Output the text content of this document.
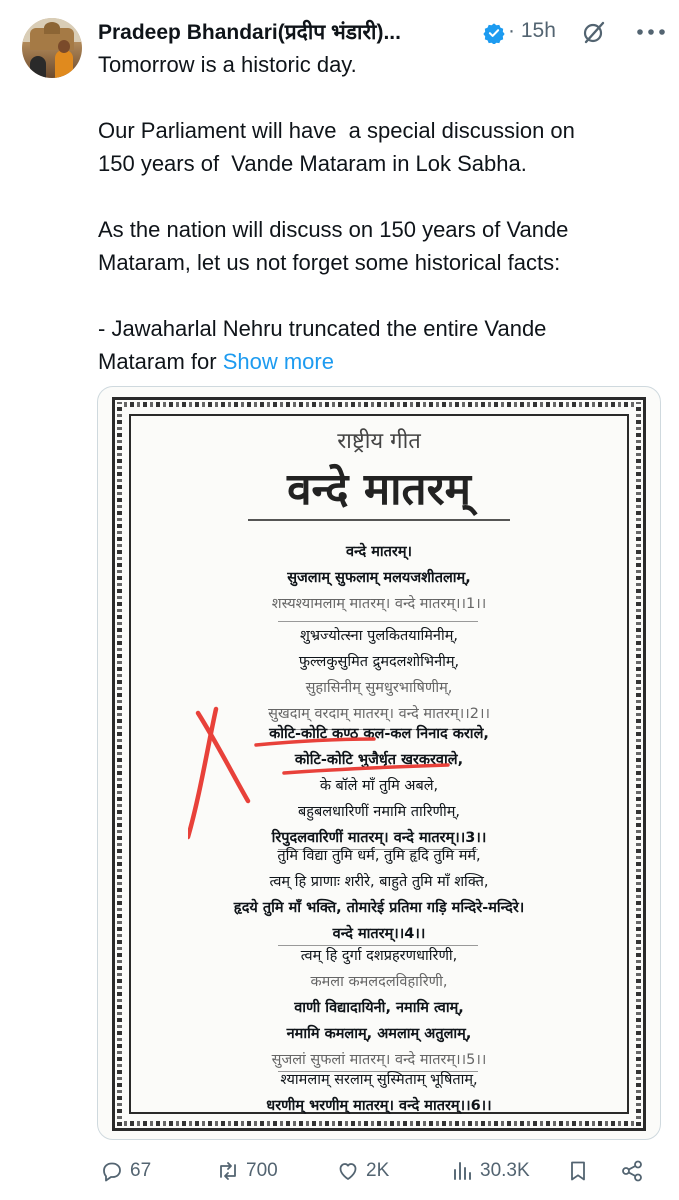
Pradeep Bhandari(प्रदीप भंडारी)...	· 15h

Tomorrow is a historic day.

Our Parliament will have  a special discussion on

150 years of  Vande Mataram in Lok Sabha.

As the nation will discuss on 150 years of Vande

Mataram, let us not forget some historical facts:

- Jawaharlal Nehru truncated the entire Vande

Mataram for Show more

राष्ट्रीय गीत
वन्दे मातरम्
वन्दे मातरम्।
सुजलाम् सुफलाम् मलयजशीतलाम्,
शस्यश्यामलाम् मातरम्। वन्दे मातरम्।।1।।
शुभ्रज्योत्स्ना पुलकितयामिनीम्,
फुल्लकुसुमित द्रुमदलशोभिनीम्,
सुहासिनीम् सुमधुरभाषिणीम्,
सुखदाम् वरदाम् मातरम्। वन्दे मातरम्।।2।।
कोटि-कोटि कण्ठ कल-कल निनाद कराले,
कोटि-कोटि भुजैर्धृत खरकरवाले,
के बॉले माँ तुमि अबले,
बहुबलधारिणीं नमामि तारिणीम्,
रिपुदलवारिणीं मातरम्। वन्दे मातरम्।।3।।
तुमि विद्या तुमि धर्म, तुमि हृदि तुमि मर्म,
त्वम् हि प्राणाः शरीरे, बाहुते तुमि माँ शक्ति,
हृदये तुमि माँ भक्ति, तोमारेई प्रतिमा गड़ि मन्दिरे-मन्दिरे।
वन्दे मातरम्।।4।।
त्वम् हि दुर्गा दशप्रहरणधारिणी,
कमला कमलदलविहारिणी,
वाणी विद्यादायिनी, नमामि त्वाम्,
नमामि कमलाम्, अमलाम् अतुलाम्,
सुजलां सुफलां मातरम्। वन्दे मातरम्।।5।।
श्यामलाम् सरलाम् सुस्मिताम् भूषिताम्,
धरणीम् भरणीम् मातरम्। वन्दे मातरम्।।6।।
67	700	2K	30.3K
